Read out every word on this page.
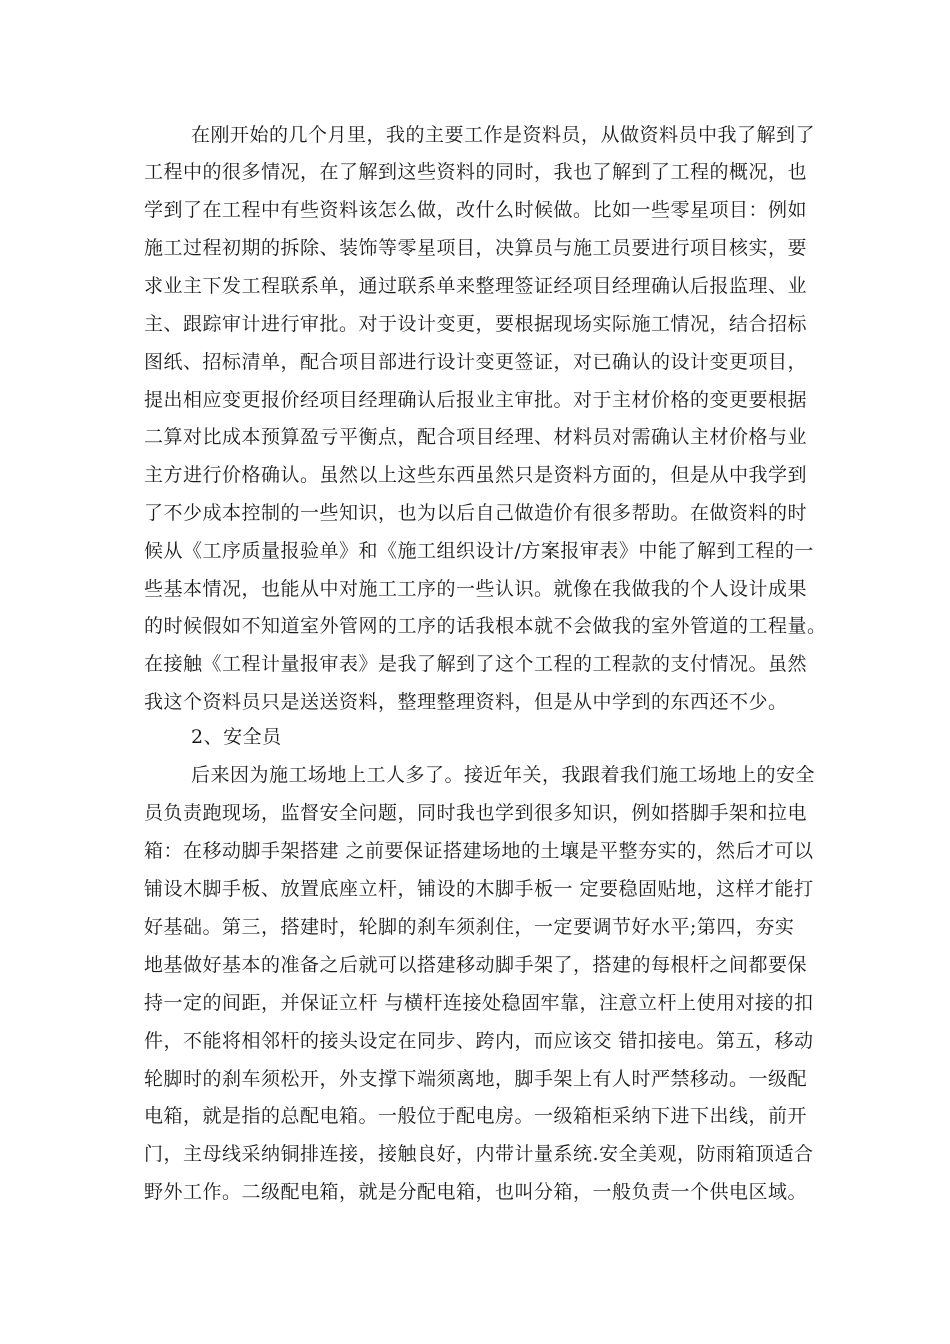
在刚开始的几个月里，我的主要工作是资料员，从做资料员中我了解到了
工程中的很多情况，在了解到这些资料的同时，我也了解到了工程的概况，也
学到了在工程中有些资料该怎么做，改什么时候做。比如一些零星项目：例如
施工过程初期的拆除、装饰等零星项目，决算员与施工员要进行项目核实，要
求业主下发工程联系单，通过联系单来整理签证经项目经理确认后报监理、业
主、跟踪审计进行审批。对于设计变更，要根据现场实际施工情况，结合招标
图纸、招标清单，配合项目部进行设计变更签证，对已确认的设计变更项目，
提出相应变更报价经项目经理确认后报业主审批。对于主材价格的变更要根据
二算对比成本预算盈亏平衡点，配合项目经理、材料员对需确认主材价格与业
主方进行价格确认。虽然以上这些东西虽然只是资料方面的，但是从中我学到
了不少成本控制的一些知识，也为以后自己做造价有很多帮助。在做资料的时
候从《工序质量报验单》和《施工组织设计/方案报审表》中能了解到工程的一
些基本情况，也能从中对施工工序的一些认识。就像在我做我的个人设计成果
的时候假如不知道室外管网的工序的话我根本就不会做我的室外管道的工程量。
在接触《工程计量报审表》是我了解到了这个工程的工程款的支付情况。虽然
我这个资料员只是送送资料，整理整理资料，但是从中学到的东西还不少。
2、安全员
后来因为施工场地上工人多了。接近年关，我跟着我们施工场地上的安全
员负责跑现场，监督安全问题，同时我也学到很多知识，例如搭脚手架和拉电
箱：在移动脚手架搭建 之前要保证搭建场地的土壤是平整夯实的，然后才可以
铺设木脚手板、放置底座立杆，铺设的木脚手板一 定要稳固贴地，这样才能打
好基础。第三，搭建时，轮脚的刹车须刹住，一定要调节好水平;第四，夯实
地基做好基本的准备之后就可以搭建移动脚手架了，搭建的每根杆之间都要保
持一定的间距，并保证立杆 与横杆连接处稳固牢靠，注意立杆上使用对接的扣
件，不能将相邻杆的接头设定在同步、跨内，而应该交 错扣接电。第五，移动
轮脚时的刹车须松开，外支撑下端须离地，脚手架上有人时严禁移动。一级配
电箱，就是指的总配电箱。一般位于配电房。一级箱柜采纳下进下出线，前开
门，主母线采纳铜排连接，接触良好，内带计量系统.安全美观，防雨箱顶适合
野外工作。二级配电箱，就是分配电箱，也叫分箱，一般负责一个供电区域。
